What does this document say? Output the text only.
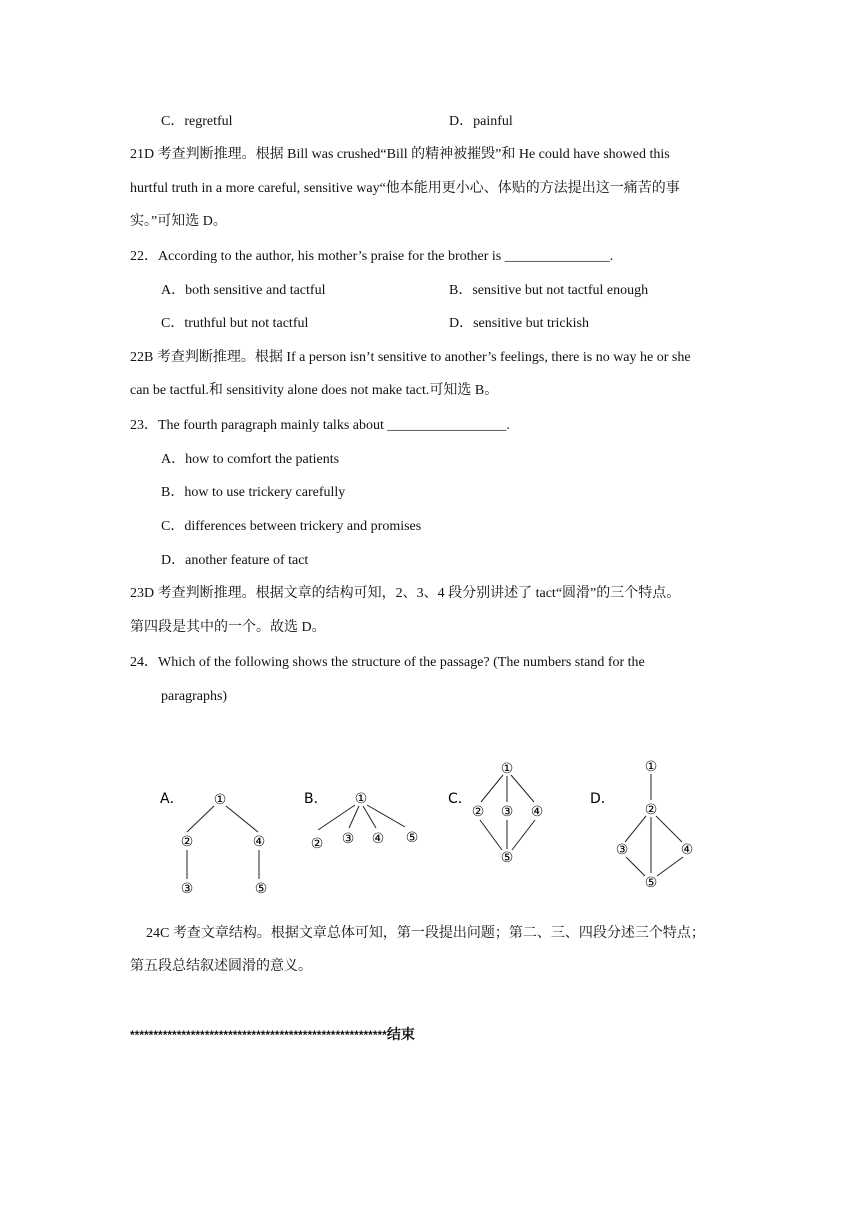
C．regretful	D．painful
21D 考查判断推理。根据 Bill was crushed“Bill 的精神被摧毁”和 He could have showed this
hurtful truth in a more careful, sensitive way“他本能用更小心、体贴的方法提出这一痛苦的事
实。”可知选 D。
22．According to the author, his mother’s praise for the brother is _______________.
A．both sensitive and tactful	B．sensitive but not tactful enough
C．truthful but not tactful	D．sensitive but trickish
22B 考查判断推理。根据 If a person isn’t sensitive to another’s feelings, there is no way he or she
can be tactful.和 sensitivity alone does not make tact.可知选 B。
23．The fourth paragraph mainly talks about _________________.
A．how to comfort the patients
B．how to use trickery carefully
C．differences between trickery and promises
D．another feature of tact
23D 考查判断推理。根据文章的结构可知，2、3、4 段分别讲述了 tact“圆滑”的三个特点。
第四段是其中的一个。故选 D。
24．Which of the following shows the structure of the passage? (The numbers stand for the
paragraphs)
A． ①
②	④
③	⑤
B． ①
② ③ ④ ⑤
C．
①
② ③ ④
⑤
D．
①
②
③	④
⑤
24C 考查文章结构。根据文章总体可知，第一段提出问题；第二、三、四段分述三个特点；
第五段总结叙述圆滑的意义。
*******************************************************结束
